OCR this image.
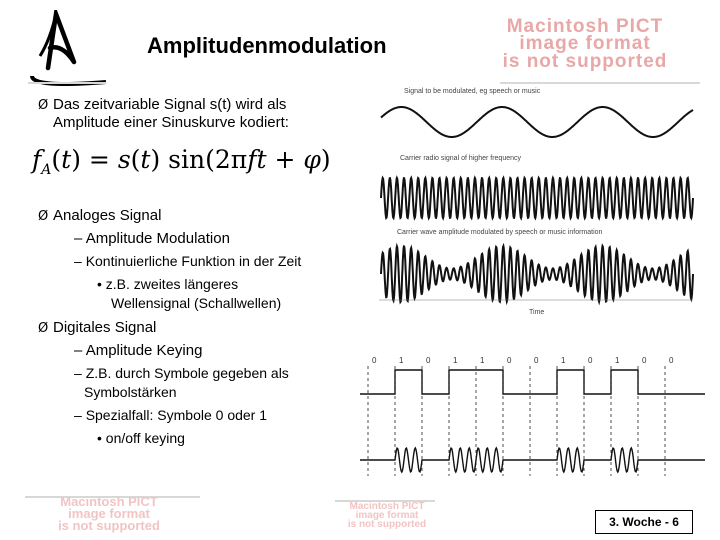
Amplitudenmodulation
Macintosh PICT
image format
is not supported
Ø Das zeitvariable Signal s(t) wird als
Amplitude einer Sinuskurve kodiert:
$f_A(t) = s(t) \sin(2\pi ft + \varphi)$
Ø Analoges Signal
– Amplitude Modulation
– Kontinuierliche Funktion in der Zeit
• z.B. zweites längeres
Wellensignal (Schallwellen)
Ø Digitales Signal
– Amplitude Keying
– Z.B. durch Symbole gegeben als
Symbolstärken
– Spezialfall: Symbole 0 oder 1
• on/off keying
Signal to be modulated, eg speech or music
Carrier radio signal of higher frequency
Carrier wave amplitude modulated by speech or music information
Time
0	1	0	1	1	0	0	1	0	1	0	0
Macintosh PICT
image format
is not supported
Macintosh PICT
image format
is not supported	3. Woche - 6
